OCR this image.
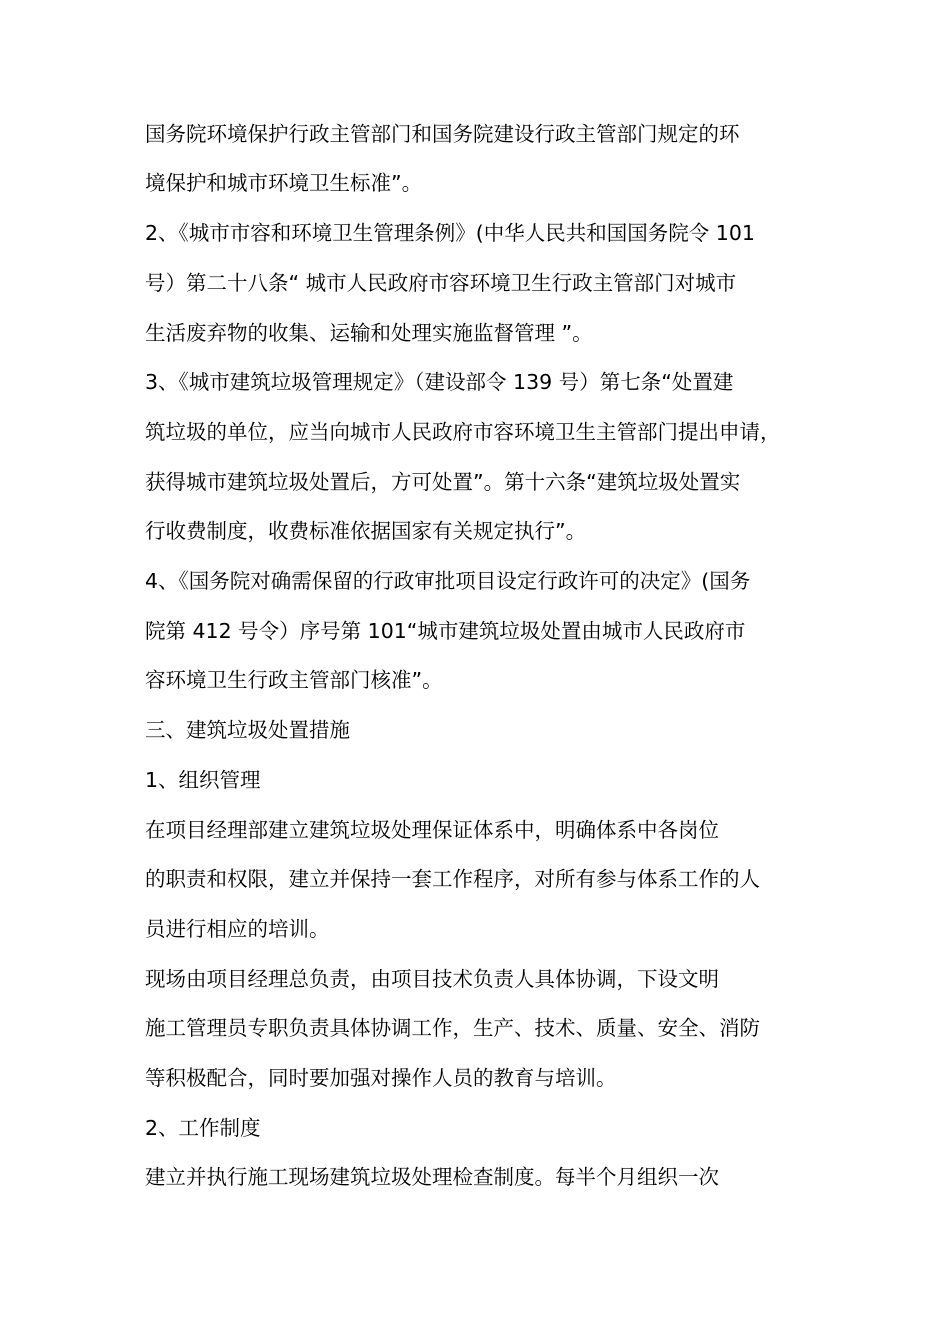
国务院环境保护行政主管部门和国务院建设行政主管部门规定的环
境保护和城市环境卫生标准”。
2、《城市市容和环境卫生管理条例》(中华人民共和国国务院令 101
号）第二十八条“ 城市人民政府市容环境卫生行政主管部门对城市
生活废弃物的收集、运输和处理实施监督管理 ”。
3、《城市建筑垃圾管理规定》（建设部令 139 号）第七条“处置建
筑垃圾的单位，应当向城市人民政府市容环境卫生主管部门提出申请，
获得城市建筑垃圾处置后，方可处置”。第十六条“建筑垃圾处置实
行收费制度，收费标准依据国家有关规定执行”。
4、《国务院对确需保留的行政审批项目设定行政许可的决定》(国务
院第 412 号令）序号第 101“城市建筑垃圾处置由城市人民政府市
容环境卫生行政主管部门核准”。
三、建筑垃圾处置措施
1、组织管理
在项目经理部建立建筑垃圾处理保证体系中，明确体系中各岗位
的职责和权限，建立并保持一套工作程序，对所有参与体系工作的人
员进行相应的培训。
现场由项目经理总负责，由项目技术负责人具体协调，下设文明
施工管理员专职负责具体协调工作，生产、技术、质量、安全、消防
等积极配合，同时要加强对操作人员的教育与培训。
2、工作制度
建立并执行施工现场建筑垃圾处理检查制度。每半个月组织一次
